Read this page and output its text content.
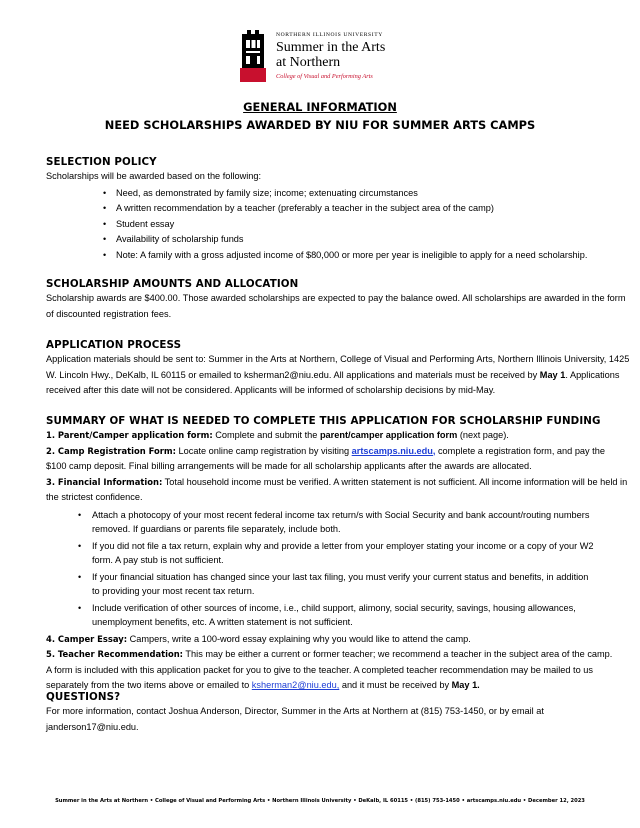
NORTHERN ILLINOIS UNIVERSITY
Summer in the Arts
at Northern
College of Visual and Performing Arts
GENERAL INFORMATION
NEED SCHOLARSHIPS AWARDED BY NIU FOR SUMMER ARTS CAMPS
SELECTION POLICY
Scholarships will be awarded based on the following:
• Need, as demonstrated by family size; income; extenuating circumstances
• A written recommendation by a teacher (preferably a teacher in the subject area of the camp)
• Student essay
• Availability of scholarship funds
• Note: A family with a gross adjusted income of $80,000 or more per year is ineligible to apply for a need scholarship.
SCHOLARSHIP AMOUNTS AND ALLOCATION
Scholarship awards are $400.00. Those awarded scholarships are expected to pay the balance owed. All scholarships are awarded in the form
of discounted registration fees.
APPLICATION PROCESS
Application materials should be sent to: Summer in the Arts at Northern, College of Visual and Performing Arts, Northern Illinois University, 1425
W. Lincoln Hwy., DeKalb, IL 60115 or emailed to ksherman2@niu.edu. All applications and materials must be received by May 1. Applications
received after this date will not be considered. Applicants will be informed of scholarship decisions by mid-May.
SUMMARY OF WHAT IS NEEDED TO COMPLETE THIS APPLICATION FOR SCHOLARSHIP FUNDING
1. Parent/Camper application form: Complete and submit the parent/camper application form (next page).
2. Camp Registration Form: Locate online camp registration by visiting artscamps.niu.edu, complete a registration form, and pay the
$100 camp deposit. Final billing arrangements will be made for all scholarship applicants after the awards are allocated.
3. Financial Information: Total household income must be verified. A written statement is not sufficient. All income information will be held in
the strictest confidence.
• Attach a photocopy of your most recent federal income tax return/s with Social Security and bank account/routing numbers removed. If guardians or parents file separately, include both.
• If you did not file a tax return, explain why and provide a letter from your employer stating your income or a copy of your W2 form. A pay stub is not sufficient.
• If your financial situation has changed since your last tax filing, you must verify your current status and benefits, in addition to providing your most recent tax return.
• Include verification of other sources of income, i.e., child support, alimony, social security, savings, housing allowances, unemployment benefits, etc. A written statement is not sufficient.
4. Camper Essay: Campers, write a 100-word essay explaining why you would like to attend the camp.
5. Teacher Recommendation: This may be either a current or former teacher; we recommend a teacher in the subject area of the camp.
A form is included with this application packet for you to give to the teacher. A completed teacher recommendation may be mailed to us
separately from the two items above or emailed to ksherman2@niu.edu, and it must be received by May 1.
QUESTIONS?
For more information, contact Joshua Anderson, Director, Summer in the Arts at Northern at (815) 753-1450, or by email at
janderson17@niu.edu.
Summer in the Arts at Northern • College of Visual and Performing Arts • Northern Illinois University • DeKalb, IL 60115 • (815) 753-1450 • artscamps.niu.edu • December 12, 2023
